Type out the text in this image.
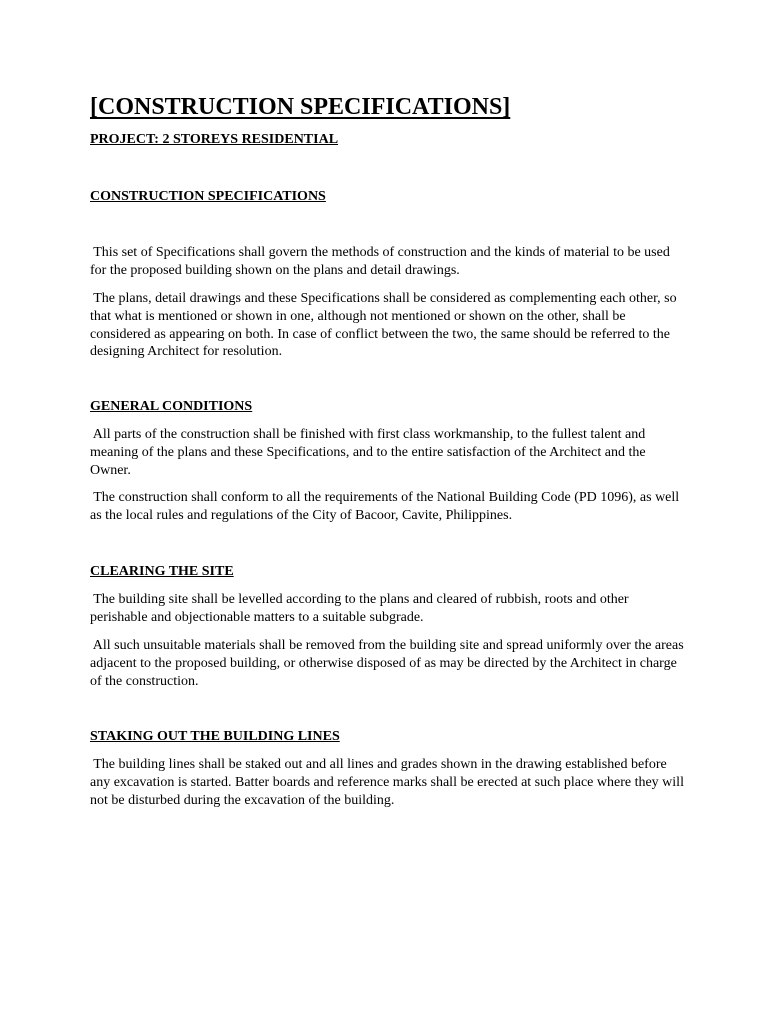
[CONSTRUCTION SPECIFICATIONS]
PROJECT: 2 STOREYS RESIDENTIAL
CONSTRUCTION SPECIFICATIONS

This set of Specifications shall govern the methods of construction and the kinds of material to be used
for the proposed building shown on the plans and detail drawings.

The plans, detail drawings and these Specifications shall be considered as complementing each other, so
that what is mentioned or shown in one, although not mentioned or shown on the other, shall be
considered as appearing on both. In case of conflict between the two, the same should be referred to the
designing Architect for resolution.

GENERAL CONDITIONS

All parts of the construction shall be finished with first class workmanship, to the fullest talent and
meaning of the plans and these Specifications, and to the entire satisfaction of the Architect and the
Owner.

The construction shall conform to all the requirements of the National Building Code (PD 1096), as well
as the local rules and regulations of the City of Bacoor, Cavite, Philippines.

CLEARING THE SITE

The building site shall be levelled according to the plans and cleared of rubbish, roots and other
perishable and objectionable matters to a suitable subgrade.

All such unsuitable materials shall be removed from the building site and spread uniformly over the areas
adjacent to the proposed building, or otherwise disposed of as may be directed by the Architect in charge
of the construction.

STAKING OUT THE BUILDING LINES

The building lines shall be staked out and all lines and grades shown in the drawing established before
any excavation is started. Batter boards and reference marks shall be erected at such place where they will
not be disturbed during the excavation of the building.
